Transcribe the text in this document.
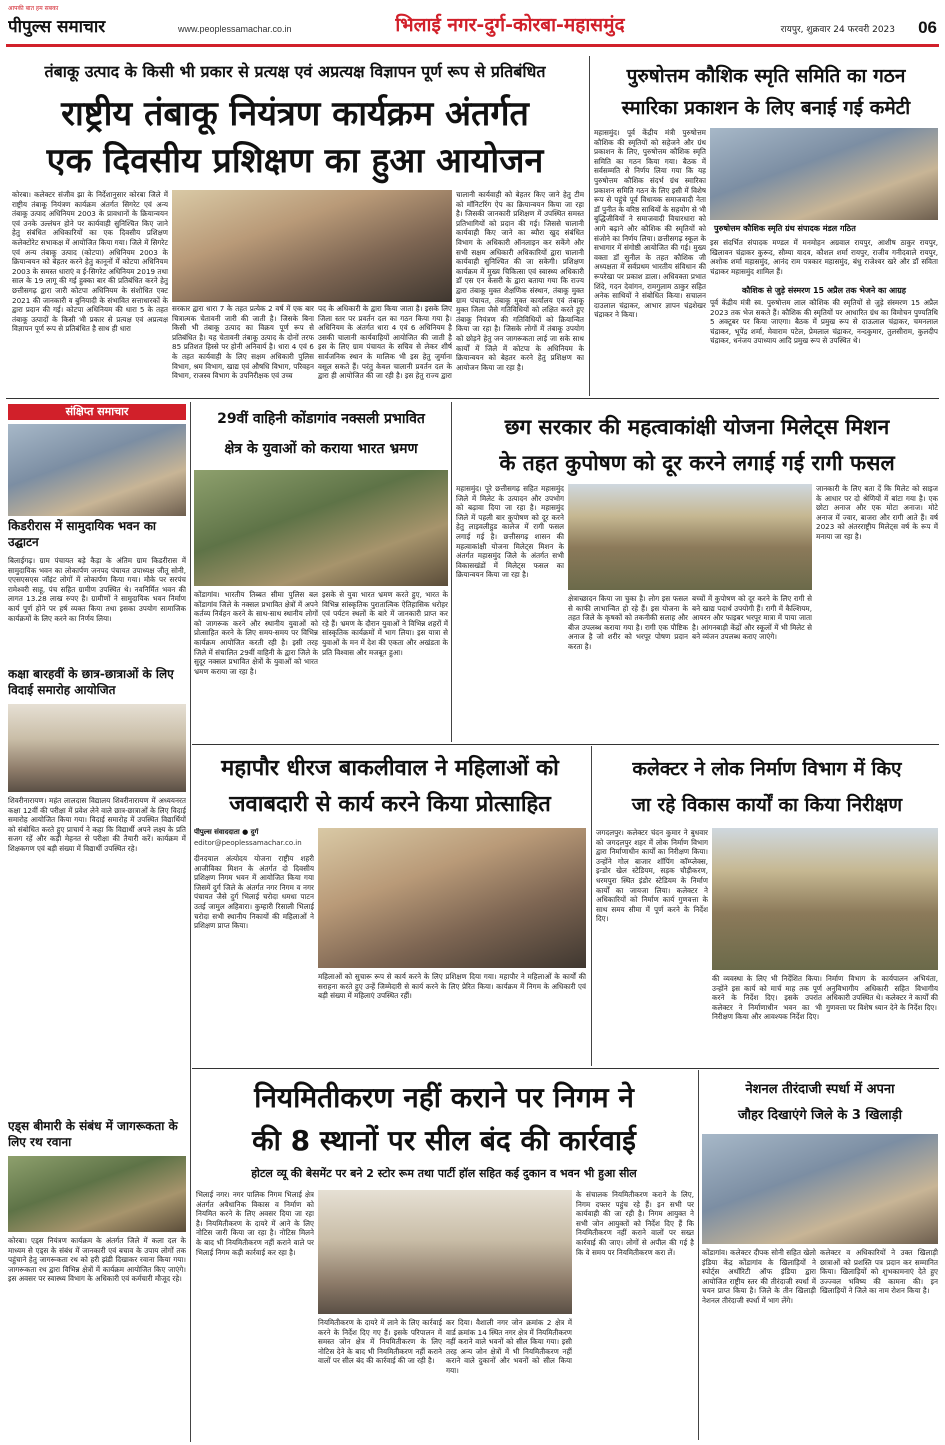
आपकी बात हम सबका
पीपुल्स समाचार	www.peoplessamachar.co.in	भिलाई नगर-दुर्ग-कोरबा-महासमुंद	रायपुर, शुक्रवार 24 फरवरी 2023	06
तंबाकू उत्पाद के किसी भी प्रकार से प्रत्यक्ष एवं अप्रत्यक्ष विज्ञापन पूर्ण रूप से प्रतिबंधित
राष्ट्रीय तंबाकू नियंत्रण कार्यक्रम अंतर्गत
एक दिवसीय प्रशिक्षण का हुआ आयोजन
कोरबा। कलेक्टर संजीव झा के निर्देशानुसार कोरबा जिले में राष्ट्रीय तंबाकू नियंत्रण कार्यक्रम अंतर्गत सिगरेट एवं अन्य तंबाकू उत्पाद अधिनियम 2003 के प्रावधानों के क्रियान्वयन एवं उनके उल्लंघन होने पर कार्यवाही सुनिश्चित किए जाने हेतु संबंधित अधिकारियों का एक दिवसीय प्रशिक्षण कलेक्टोरेट सभाकक्ष में आयोजित किया गया। जिले में सिगरेट एवं अन्य तंबाकू उत्पाद (कोटपा) अधिनियम 2003 के क्रियान्वयन को बेहतर करने हेतु कानूनों में कोटपा अधिनियम 2003 के समस्त धाराएं व ई-सिगरेट अधिनियम 2019 तथा साल के 19 लागू की गई हुक्का बार की प्रतिबंधित करने हेतु छत्तीसगढ़ द्वारा जारी कोटपा अधिनियम के संशोधित एक्ट 2021 की जानकारी व बुनियादी के संभावित सत्ताधारकों के द्वारा प्रदान की गई। कोटपा अधिनियम की धारा 5 के तहत तंबाकू उत्पादों के किसी भी प्रकार से प्रत्यक्ष एवं अप्रत्यक्ष विज्ञापन पूर्ण रूप से प्रतिबंधित है साथ ही धारा
सरकार द्वारा धारा 7 के तहत प्रत्येक 2 वर्ष में एक बार चित्रात्मक चेतावनी जारी की जाती है। जिसके बिना किसी भी तंबाकू उत्पाद का विक्रय पूर्ण रूप से प्रतिबंधित है। यह चेतावनी तंबाकू उत्पाद के दोनों तरफ 85 प्रतिशत हिस्से पर होनी अनिवार्य है। धारा 4 एवं 6 के तहत कार्यवाही के लिए सक्षम अधिकारी पुलिस विभाग, श्रम विभाग, खाद्य एवं औषधि विभाग, परिवहन विभाग, राजस्व विभाग के उपनिरीक्षक एवं उच्च
पद के अधिकारी के द्वारा किया जाता है। इसके लिए जिला स्तर पर प्रवर्तन दल का गठन किया गया है। अधिनियम के अंतर्गत धारा 4 एवं 6 अधिनियम है उसकी चालानी कार्यवाहियों आयोजित की जाती है इस के लिए ग्राम पंचायत के सचिव से लेकर शीर्ष सार्वजनिक स्थान के मालिक भी इस हेतु जुर्माना वसूल सकते हैं। परंतु केवल चालानी प्रवर्तन दल के द्वारा ही आयोजित की जा रही है। इस हेतु राज्य द्वारा
चालानी कार्यवाही को बेहतर किए जाने हेतु टीम को मॉनिटरिंग ऐप का क्रियान्वयन किया जा रहा है। जिसकी जानकारी प्रशिक्षण में उपस्थित समस्त प्रतिभागियों को प्रदान की गई। जिससे चालानी कार्यवाही किए जाने का ब्यौरा खुद संबंधित विभाग के अधिकारी ऑनलाइन कर सकेंगे और सभी सक्षम अधिकारी अधिकारियों द्वारा चालानी कार्यवाही सुनिश्चित की जा सकेगी। प्रशिक्षण कार्यक्रम में मुख्य चिकित्सा एवं स्वास्थ्य अधिकारी डॉ एस एन केसरी के द्वारा बताया गया कि राज्य द्वारा तंबाकू मुक्त शैक्षणिक संस्थान, तंबाकू मुक्त ग्राम पंचायत, तंबाकू मुक्त कार्यालय एवं तंबाकू मुक्त जिला जैसे गतिविधियों को लक्षित करते हुए तंबाकू नियंत्रण की गतिविधियों को क्रियान्वित किया जा रहा है। जिसके लोगों में तंबाकू उपयोग को छोड़ने हेतु जन जागरूकता लाई जा सके साथ कार्यों में जिले में कोटपा के अधिनियम के क्रियान्वयन को बेहतर करने हेतु प्रशिक्षण का आयोजन किया जा रहा है।
पुरुषोत्तम कौशिक स्मृति समिति का गठन
स्मारिका प्रकाशन के लिए बनाई गई कमेटी
महासमुंद। पूर्व केंद्रीय मंत्री पुरुषोत्तम कौशिक की स्मृतियों को सहेजने और ग्रंथ प्रकाशन के लिए, पुरुषोत्तम कौशिक स्मृति समिति का गठन किया गया। बैठक में सर्वसम्मति से निर्णय लिया गया कि यह पुरुषोत्तम कौशिक संदर्भ ग्रंथ स्मारिका प्रकाशन समिति गठन के लिए इसी में विशेष रूप से पहुंचे पूर्व विधायक समाजवादी नेता डॉ पुनीत के वरिष्ठ साथियों के सहयोग से भी बुद्धिजीवियों ने समाजवादी विचारधारा को आगे बढ़ाने और कौशिक की स्मृतियों को संजोने का निर्णय लिया। छत्तीसगढ़ स्कूल के सभागार में संगोष्ठी आयोजित की गई। मुख्य वक्ता डॉ सुनील के तहत कौशिक जी अध्यक्षता में सर्वप्रथम भारतीय संविधान की रूपरेखा पर प्रकाश डाला। अधिवक्ता प्रभात शिंदे, गदन देवांगन, रामगुलाम ठाकुर सहित अनेक साथियों ने संबोधित किया। सचालन दाउलाल चंद्राकर, आभार ज्ञापन चंद्रशेखर चंद्राकर ने किया।
पुरुषोत्तम कौशिक स्मृति ग्रंथ संपादक मंडल गठित
इस संदर्भित संपादक मण्डल में मनमोहन अग्रवाल रायपुर, आशीष ठाकुर रायपुर, खिलावन चंद्राकर कुरूद, सौम्या यादव, कौशल शर्मा रायपुर, राजीव गनीदवाले रायपुर, अशोक शर्मा महासमुंद, आनंद राम पत्रकार महासमुंद, बंधु राजेश्वर खरे और डॉ सविता चंद्राकर महासमुंद शामिल हैं।
कौशिक से जुड़े संस्मरण 15 अप्रैल तक भेजने का आग्रह
पूर्व केंद्रीय मंत्री स्व. पुरुषोत्तम लाल कौशिक की स्मृतियों से जुड़े संस्मरण 15 अप्रैल 2023 तक भेज सकते हैं। कौशिक की स्मृतियों पर आधारित ग्रंथ का विमोचन पुण्यतिथि 5 अक्टूबर पर किया जाएगा। बैठक में प्रमुख रूप से दाऊलाल चंद्राकर, चमनलाल चंद्राकर, भूपेंद्र शर्मा, मेवाराम पटेल, प्रेमलाल चंद्राकर, नन्दकुमार, तुलसीराम, कुलदीप चंद्राकर, धनंजय उपाध्याय आदि प्रमुख रूप से उपस्थित थे।
संक्षिप्त समाचार
किडरीरास में सामुदायिक भवन का उद्घाटन
बिलाईगढ़। ग्राम पंचायत बड़े कैड़ा के अंतिम ग्राम किडरीरास में सामुदायिक भवन का लोकार्पण जनपद पंचायत उपाध्यक्ष जीतू सोनी, एएसएसएस जॉइंट लोगों में लोकार्पण किया गया। मौके पर सरपंच रामेश्वरी साहू, पंच सहित ग्रामीण उपस्थित थे। नवनिर्मित भवन की लागत 13.28 लाख रुपए है। ग्रामीणों ने सामुदायिक भवन निर्माण कार्य पूर्ण होने पर हर्ष व्यक्त किया तथा इसका उपयोग सामाजिक कार्यक्रमों के लिए करने का निर्णय लिया।
कक्षा बारहवीं के छात्र-छात्राओं के लिए विदाई समारोह आयोजित
शिवरीनारायण। महंत लालदास विद्यालय शिवरीनारायण में अध्ययनरत कक्षा 12वीं की परीक्षा में प्रवेश लेने वाले छात्र-छात्राओं के लिए विदाई समारोह आयोजित किया गया। विदाई समारोह में उपस्थित विद्यार्थियों को संबोधित करते हुए प्राचार्य ने कहा कि विद्यार्थी अपने लक्ष्य के प्रति सजग रहें और कड़ी मेहनत से परीक्षा की तैयारी करें। कार्यक्रम में शिक्षकगण एवं बड़ी संख्या में विद्यार्थी उपस्थित रहे।
एड्स बीमारी के संबंध में जागरूकता के लिए रथ रवाना
कोरबा। एड्स नियंत्रण कार्यक्रम के अंतर्गत जिले में कला दल के माध्यम से एड्स के संबंध में जानकारी एवं बचाव के उपाय लोगों तक पहुंचाने हेतु जागरूकता रथ को हरी झंडी दिखाकर रवाना किया गया। जागरूकता रथ द्वारा विभिन्न क्षेत्रों में कार्यक्रम आयोजित किए जाएंगे। इस अवसर पर स्वास्थ्य विभाग के अधिकारी एवं कर्मचारी मौजूद रहे।
29वीं वाहिनी कोंडागांव नक्सली प्रभावित
क्षेत्र के युवाओं को कराया भारत भ्रमण
कोंडागांव। भारतीय तिब्बत सीमा पुलिस बल कोंडागांव जिले के नक्सल प्रभावित क्षेत्रों में अपने कर्तव्य निर्वहन करने के साथ-साथ स्थानीय लोगों को जागरूक करने और स्थानीय युवाओं को प्रोत्साहित करने के लिए समय-समय पर विभिन्न कार्यक्रम आयोजित करती रही है। इसी तरह जिले में संचालित 29वीं वाहिनी के द्वारा जिले के सुदूर नक्सल प्रभावित क्षेत्रों के युवाओं को भारत भ्रमण कराया जा रहा है।
इसके से युवा भारत भ्रमण करते हुए, भारत के विभिन्न सांस्कृतिक पुरातात्विक ऐतिहासिक धरोहर एवं पर्यटन स्थलों के बारे में जानकारी प्राप्त कर रहे हैं। भ्रमण के दौरान युवाओं ने विभिन्न शहरों में सांस्कृतिक कार्यक्रमों में भाग लिया। इस यात्रा से युवाओं के मन में देश की एकता और अखंडता के प्रति विश्वास और मजबूत हुआ।
छग सरकार की महत्वाकांक्षी योजना मिलेट्स मिशन
के तहत कुपोषण को दूर करने लगाई गई रागी फसल
महासमुंद। पूरे छत्तीसगढ़ सहित महासमुंद जिले में मिलेट के उत्पादन और उपभोग को बढ़ावा दिया जा रहा है। महासमुंद जिले में पहली बार कुपोषण को दूर करने हेतु लाइवलीहुड कालेज में रागी फसल लगाई गई है। छत्तीसगढ़ शासन की महत्वाकांक्षी योजना मिलेट्स मिशन के अंतर्गत महासमुंद जिले के अंतर्गत सभी विकासखंडों में मिलेट्स फसल का क्रियान्वयन किया जा रहा है।
क्षेत्राच्छादन किया जा चुका है। लोग इस फसल से काफी लाभान्वित हो रहे हैं। इस योजना के तहत जिले के कृषकों को तकनीकी सलाह और बीज उपलब्ध कराया गया है। रागी एक पौष्टिक अनाज है जो शरीर को भरपूर पोषण प्रदान करता है।
बच्चों में कुपोषण को दूर करने के लिए रागी से बने खाद्य पदार्थ उपयोगी हैं। रागी में कैल्शियम, आयरन और फाइबर भरपूर मात्रा में पाया जाता है। आंगनबाड़ी केंद्रों और स्कूलों में भी मिलेट से बने व्यंजन उपलब्ध कराए जाएंगे।
जानकारी के लिए बता दें कि मिलेट को साइज के आधार पर दो श्रेणियों में बांटा गया है। एक छोटा अनाज और एक मोटा अनाज। मोटे अनाज में ज्वार, बाजरा और रागी आते हैं। वर्ष 2023 को अंतरराष्ट्रीय मिलेट्स वर्ष के रूप में मनाया जा रहा है।
महापौर धीरज बाकलीवाल ने महिलाओं को
जवाबदारी से कार्य करने किया प्रोत्साहित
पीपुल्स संवाददाता ● दुर्ग
editor@peoplessamachar.co.in
दीनदयाल अंत्योदय योजना राष्ट्रीय शहरी आजीविका मिशन के अंतर्गत दो दिवसीय प्रशिक्षण निगम भवन में आयोजित किया गया जिसमें दुर्ग जिले के अंतर्गत नगर निगम व नगर पंचायत जैसे दुर्ग भिलाई चरोदा धमधा पाटन उतई जामुल अहिवारा। कुम्हारी रिसाली भिलाई चरोदा सभी स्थानीय निकायों की महिलाओं ने प्रशिक्षण प्राप्त किया।
महिलाओं को सुचारू रूप से कार्य करने के लिए प्रशिक्षण दिया गया। महापौर ने महिलाओं के कार्यों की सराहना करते हुए उन्हें जिम्मेदारी से कार्य करने के लिए प्रेरित किया। कार्यक्रम में निगम के अधिकारी एवं बड़ी संख्या में महिलाएं उपस्थित रहीं।
कलेक्टर ने लोक निर्माण विभाग में किए
जा रहे विकास कार्यों का किया निरीक्षण
जगदलपुर। कलेक्टर चंदन कुमार ने बुधवार को जगदलपुर शहर में लोक निर्माण विभाग द्वारा निर्माणाधीन कार्यों का निरीक्षण किया। उन्होंने गोल बाजार शॉपिंग कॉम्प्लेक्स, इन्डोर खेल स्टेडियम, सड़क चौड़ीकरण, धरमपुरा स्थित इंडोर स्टेडियम के निर्माण कार्यों का जायजा लिया। कलेक्टर ने अधिकारियों को निर्माण कार्य गुणवत्ता के साथ समय सीमा में पूर्ण करने के निर्देश दिए।
की व्यवस्था के लिए भी निर्देशित किया। उन्होंने इस कार्य को मार्च माह तक पूर्ण करने के निर्देश दिए। इसके उपरांत कलेक्टर ने निर्माणाधीन भवन का भी निरीक्षण किया और आवश्यक निर्देश दिए।
निर्माण विभाग के कार्यपालन अभियंता, अनुविभागीय अधिकारी सहित विभागीय अधिकारी उपस्थित थे। कलेक्टर ने कार्यों की गुणवत्ता पर विशेष ध्यान देने के निर्देश दिए।
नियमितीकरण नहीं कराने पर निगम ने
की 8 स्थानों पर सील बंद की कार्रवाई
होटल व्यू की बेसमेंट पर बने 2 स्टोर रूम तथा पार्टी हॉल सहित कई दुकान व भवन भी हुआ सील
भिलाई नगर। नगर पालिक निगम भिलाई क्षेत्र अंतर्गत अवैधानिक विकास व निर्माण को नियमित करने के लिए अवसर दिया जा रहा है। नियमितीकरण के दायरे में आने के लिए नोटिस जारी किया जा रहा है। नोटिस मिलने के बाद भी नियमितीकरण नहीं कराने वाले पर भिलाई निगम कड़ी कार्रवाई कर रहा है।
नियमितीकरण के दायरे में लाने के लिए कार्रवाई करने के निर्देश दिए गए हैं। इसके परिपालन में समस्त जोन क्षेत्र में नियमितीकरण के लिए नोटिस देने के बाद भी नियमितीकरण नहीं कराने वालों पर सील बंद की कार्रवाई की जा रही है।
कर दिया। वैशाली नगर जोन क्रमांक 2 क्षेत्र में वार्ड क्रमांक 14 स्थित नगर क्षेत्र में नियमितीकरण नहीं कराने वाले भवनों को सील किया गया। इसी तरह अन्य जोन क्षेत्रों में भी नियमितीकरण नहीं कराने वाले दुकानों और भवनों को सील किया गया।
के संचालक नियमितीकरण कराने के लिए, निगम दफ्तर पहुंच रहे हैं। इन सभी पर कार्यवाही की जा रही है। निगम आयुक्त ने सभी जोन आयुक्तों को निर्देश दिए हैं कि नियमितीकरण नहीं कराने वालों पर सख्त कार्रवाई की जाए। लोगों से अपील की गई है कि वे समय पर नियमितीकरण करा लें।
नेशनल तीरंदाजी स्पर्धा में अपना
जौहर दिखाएंगे जिले के 3 खिलाड़ी
कोंडागांव। कलेक्टर दीपक सोनी सहित खेलो इंडिया केंद्र कोंडागांव के खिलाड़ियों ने स्पोर्ट्स अथॉरिटी ऑफ इंडिया द्वारा आयोजित राष्ट्रीय स्तर की तीरंदाजी स्पर्धा में चयन प्राप्त किया है। जिले के तीन खिलाड़ी नेशनल तीरंदाजी स्पर्धा में भाग लेंगे।
कलेक्टर व अधिकारियों ने उक्त खिलाड़ी छात्राओं को प्रशस्ति पत्र प्रदान कर सम्मानित किया। खिलाड़ियों को शुभकामनाएं देते हुए उज्ज्वल भविष्य की कामना की। इन खिलाड़ियों ने जिले का नाम रोशन किया है।
